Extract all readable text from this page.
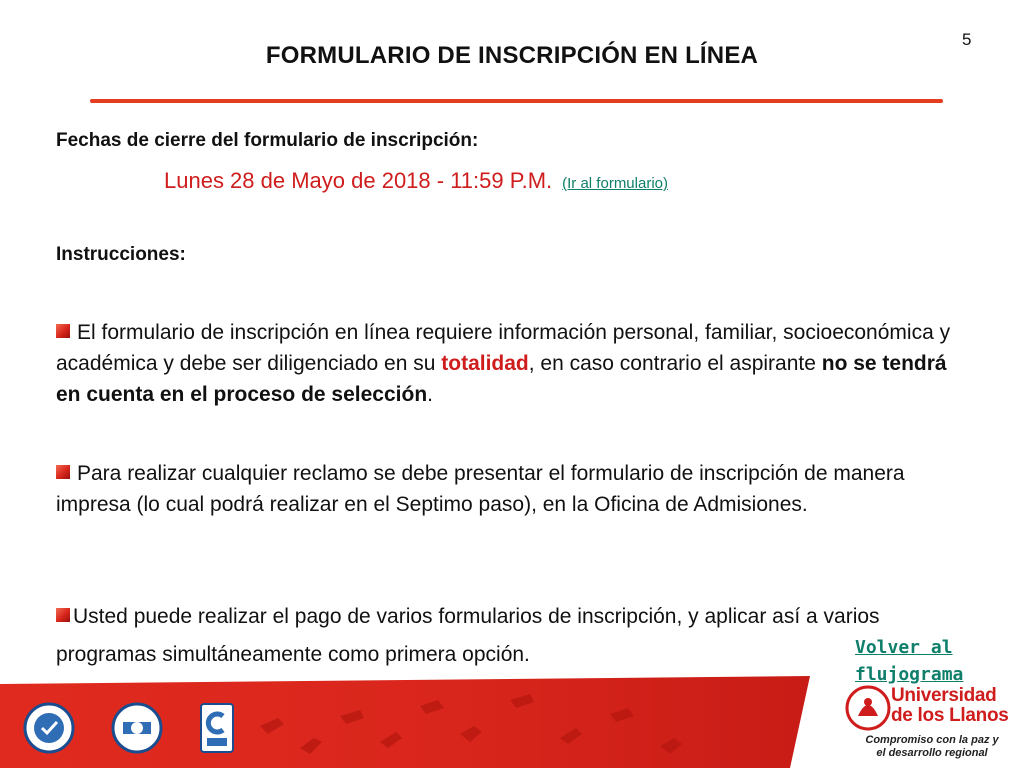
5
FORMULARIO DE INSCRIPCIÓN EN LÍNEA
Fechas de cierre del formulario de inscripción:
Lunes 28 de Mayo de 2018 - 11:59 P.M. (Ir al formulario)
Instrucciones:
El formulario de inscripción en línea requiere información personal, familiar, socioeconómica y académica y debe ser diligenciado en su totalidad, en caso contrario el aspirante no se tendrá en cuenta en el proceso de selección.
Para realizar cualquier reclamo se debe presentar el formulario de inscripción de manera impresa (lo cual podrá realizar en el Septimo paso), en la Oficina de Admisiones.
Usted puede realizar el pago de varios formularios de inscripción, y aplicar así a varios programas simultáneamente como primera opción.	Volver al
flujograma
Universidad
de los Llanos
Compromiso con la paz y
el desarrollo regional
